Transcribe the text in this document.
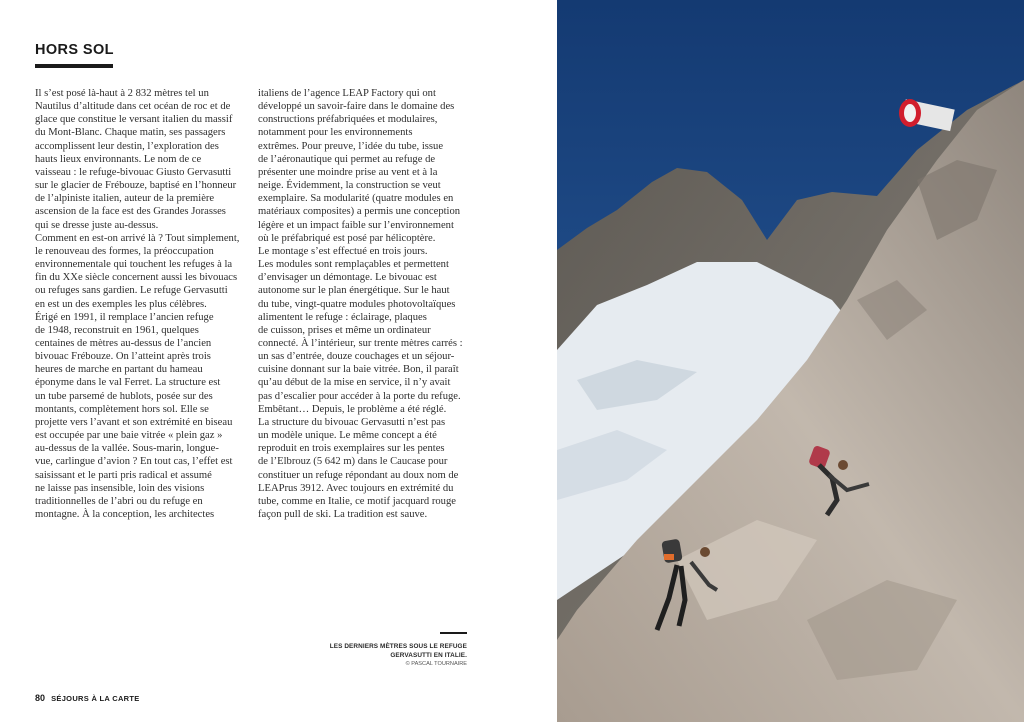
HORS SOL

Il s’est posé là-haut à 2 832 mètres tel un
Nautilus d’altitude dans cet océan de roc et de
glace que constitue le versant italien du massif
du Mont-Blanc. Chaque matin, ses passagers
accomplissent leur destin, l’exploration des
hauts lieux environnants. Le nom de ce
vaisseau : le refuge-bivouac Giusto Gervasutti
sur le glacier de Frébouze, baptisé en l’honneur
de l’alpiniste italien, auteur de la première
ascension de la face est des Grandes Jorasses
qui se dresse juste au-dessus.
Comment en est-on arrivé là ? Tout simplement,
le renouveau des formes, la préoccupation
environnementale qui touchent les refuges à la
fin du XXe siècle concernent aussi les bivouacs
ou refuges sans gardien. Le refuge Gervasutti
en est un des exemples les plus célèbres.
Érigé en 1991, il remplace l’ancien refuge
de 1948, reconstruit en 1961, quelques
centaines de mètres au-dessus de l’ancien
bivouac Frébouze. On l’atteint après trois
heures de marche en partant du hameau
éponyme dans le val Ferret. La structure est
un tube parsemé de hublots, posée sur des
montants, complètement hors sol. Elle se
projette vers l’avant et son extrémité en biseau
est occupée par une baie vitrée « plein gaz »
au-dessus de la vallée. Sous-marin, longue-
vue, carlingue d’avion ? En tout cas, l’effet est
saisissant et le parti pris radical et assumé
ne laisse pas insensible, loin des visions
traditionnelles de l’abri ou du refuge en
montagne. À la conception, les architectes

italiens de l’agence LEAP Factory qui ont
développé un savoir-faire dans le domaine des
constructions préfabriquées et modulaires,
notamment pour les environnements
extrêmes. Pour preuve, l’idée du tube, issue
de l’aéronautique qui permet au refuge de
présenter une moindre prise au vent et à la
neige. Évidemment, la construction se veut
exemplaire. Sa modularité (quatre modules en
matériaux composites) a permis une conception
légère et un impact faible sur l’environnement
où le préfabriqué est posé par hélicoptère.
Le montage s’est effectué en trois jours.
Les modules sont remplaçables et permettent
d’envisager un démontage. Le bivouac est
autonome sur le plan énergétique. Sur le haut
du tube, vingt-quatre modules photovoltaïques
alimentent le refuge : éclairage, plaques
de cuisson, prises et même un ordinateur
connecté. À l’intérieur, sur trente mètres carrés :
un sas d’entrée, douze couchages et un séjour-
cuisine donnant sur la baie vitrée. Bon, il paraît
qu’au début de la mise en service, il n’y avait
pas d’escalier pour accéder à la porte du refuge.
Embêtant… Depuis, le problème a été réglé.
La structure du bivouac Gervasutti n’est pas
un modèle unique. Le même concept a été
reproduit en trois exemplaires sur les pentes
de l’Elbrouz (5 642 m) dans le Caucase pour
constituer un refuge répondant au doux nom de
LEAPrus 3912. Avec toujours en extrémité du
tube, comme en Italie, ce motif jacquard rouge
façon pull de ski. La tradition est sauve.

LES DERNIERS MÈTRES SOUS LE REFUGE
GERVASUTTI EN ITALIE.

© PASCAL TOURNAIRE

80 SÉJOURS À LA CARTE
